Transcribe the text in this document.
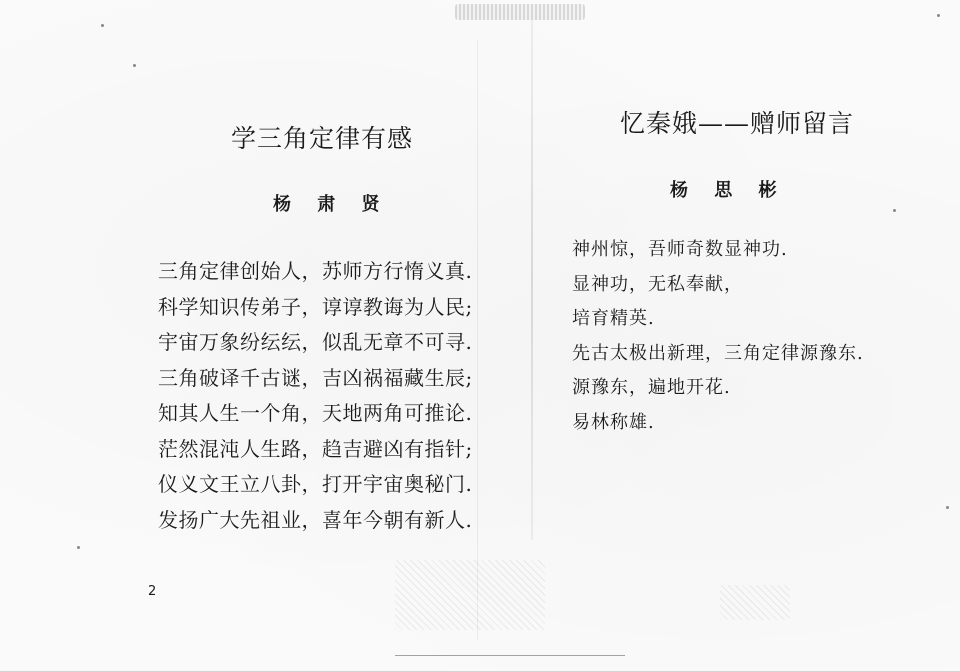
学三角定律有感
杨 肃 贤
三角定律创始人，苏师方行惰义真.
科学知识传弟子，谆谆教诲为人民;
宇宙万象纷纭纭，似乱无章不可寻.
三角破译千古谜，吉凶祸福藏生辰;
知其人生一个角，天地两角可推论.
茫然混沌人生路，趋吉避凶有指针;
仪义文王立八卦，打开宇宙奥秘门.
发扬广大先祖业，喜年今朝有新人.
2
忆秦娥——赠师留言
杨 思 彬
神州惊，吾师奇数显神功.
显神功，无私奉献，
培育精英.
先古太极出新理，三角定律源豫东.
源豫东，遍地开花.
易林称雄.
